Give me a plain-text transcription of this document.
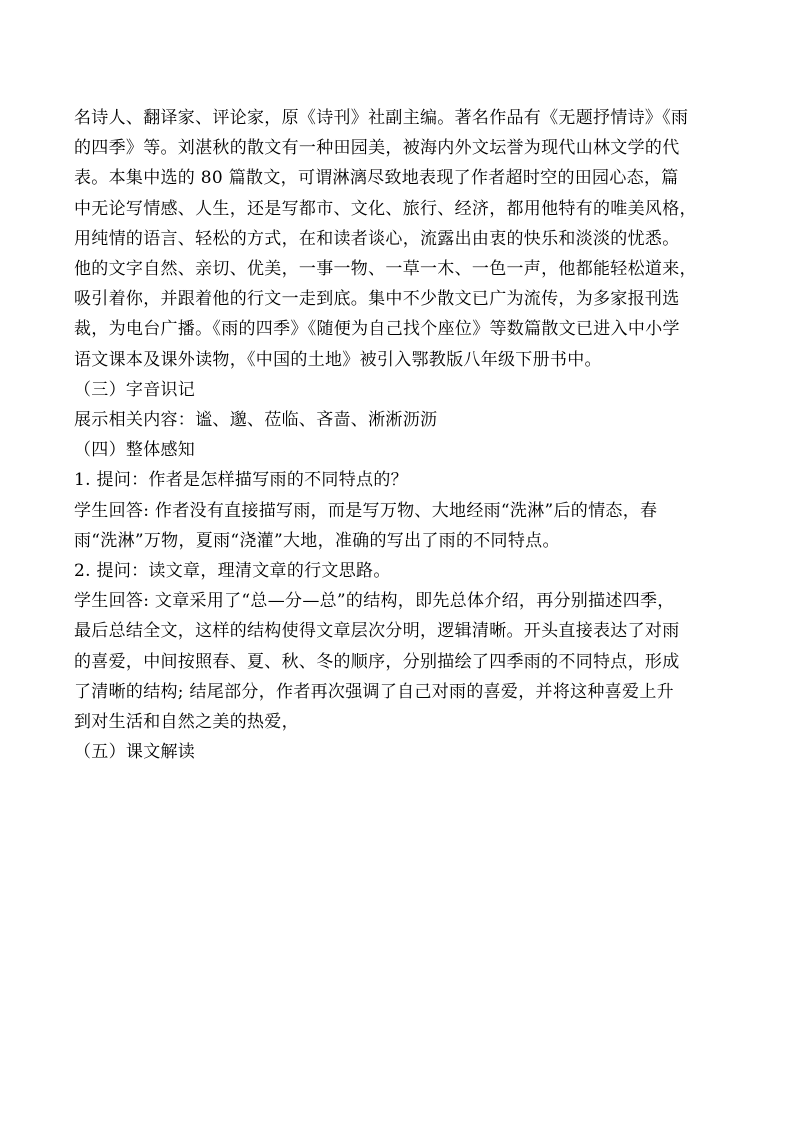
名诗人、翻译家、评论家，原《诗刊》社副主编。著名作品有《无题抒情诗》《雨
的四季》等。刘湛秋的散文有一种田园美，被海内外文坛誉为现代山林文学的代
表。本集中选的 80 篇散文，可谓淋漓尽致地表现了作者超时空的田园心态，篇
中无论写情感、人生，还是写都市、文化、旅行、经济，都用他特有的唯美风格，
用纯情的语言、轻松的方式，在和读者谈心，流露出由衷的快乐和淡淡的忧悉。
他的文字自然、亲切、优美，一事一物、一草一木、一色一声，他都能轻松道来，
吸引着你，并跟着他的行文一走到底。集中不少散文已广为流传，为多家报刊选
裁，为电台广播。《雨的四季》《随便为自己找个座位》等数篇散文已进入中小学
语文课本及课外读物，《中国的土地》被引入鄂教版八年级下册书中。

（三）字音识记

展示相关内容：谧、邈、莅临、吝啬、淅淅沥沥

（四）整体感知

1. 提问：作者是怎样描写雨的不同特点的？

学生回答: 作者没有直接描写雨，而是写万物、大地经雨“洗淋”后的情态，春
雨“洗淋”万物，夏雨“浇灌”大地，准确的写出了雨的不同特点。

2. 提问：读文章，理清文章的行文思路。

学生回答: 文章采用了“总—分—总”的结构，即先总体介绍，再分别描述四季，
最后总结全文，这样的结构使得文章层次分明，逻辑清晰。开头直接表达了对雨
的喜爱，中间按照春、夏、秋、冬的顺序，分别描绘了四季雨的不同特点，形成
了清晰的结构; 结尾部分，作者再次强调了自己对雨的喜爱，并将这种喜爱上升
到对生活和自然之美的热爱，

（五）课文解读
